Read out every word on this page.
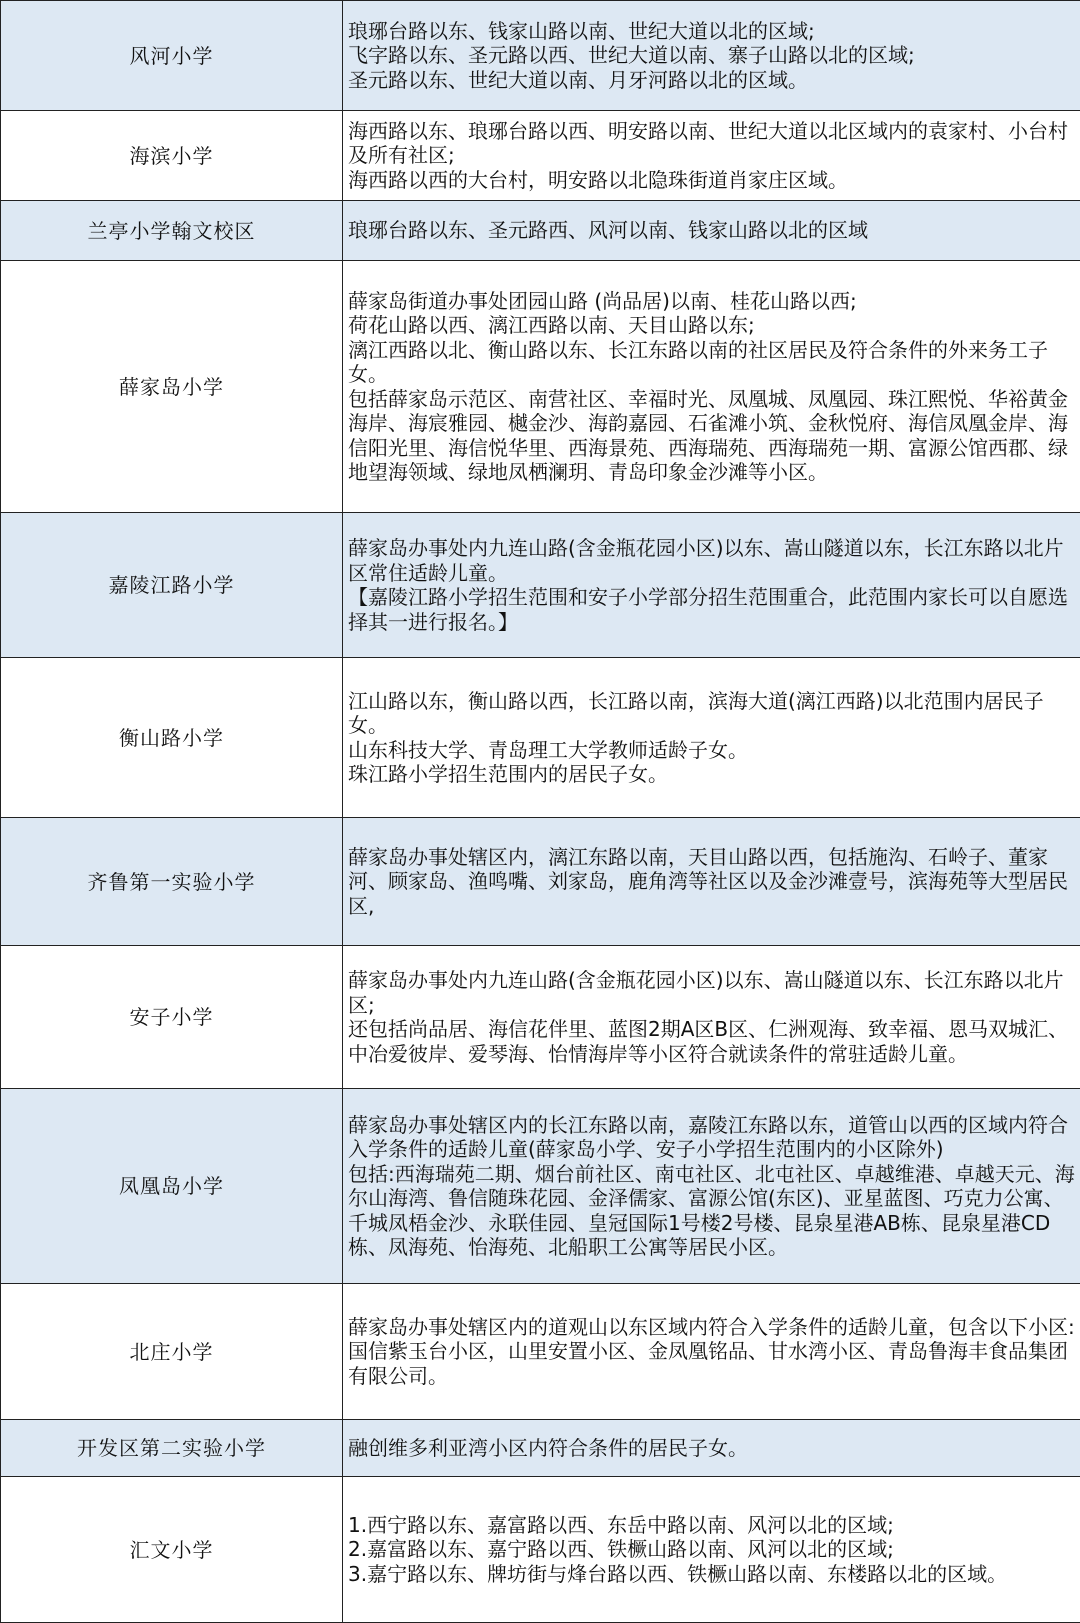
风河小学	琅琊台路以东、钱家山路以南、世纪大道以北的区域;
飞字路以东、圣元路以西、世纪大道以南、寨子山路以北的区域;
圣元路以东、世纪大道以南、月牙河路以北的区域。

海滨小学	海西路以东、琅琊台路以西、明安路以南、世纪大道以北区域内的袁家村、小台村及所有社区;
海西路以西的大台村，明安路以北隐珠街道肖家庄区域。

兰亭小学翰文校区	琅琊台路以东、圣元路西、风河以南、钱家山路以北的区域

薛家岛小学	薛家岛街道办事处团园山路 (尚品居)以南、桂花山路以西;
荷花山路以西、漓江西路以南、天目山路以东;
漓江西路以北、衡山路以东、长江东路以南的社区居民及符合条件的外来务工子女。
包括薛家岛示范区、南营社区、幸福时光、凤凰城、凤凰园、珠江熙悦、华裕黄金海岸、海宸雅园、樾金沙、海韵嘉园、石雀滩小筑、金秋悦府、海信凤凰金岸、海信阳光里、海信悦华里、西海景苑、西海瑞苑、西海瑞苑一期、富源公馆西郡、绿地望海领域、绿地凤栖澜玥、青岛印象金沙滩等小区。

嘉陵江路小学	薛家岛办事处内九连山路(含金瓶花园小区)以东、嵩山隧道以东，长江东路以北片区常住适龄儿童。
【嘉陵江路小学招生范围和安子小学部分招生范围重合，此范围内家长可以自愿选择其一进行报名。】

衡山路小学	江山路以东，衡山路以西，长江路以南，滨海大道(漓江西路)以北范围内居民子女。
山东科技大学、青岛理工大学教师适龄子女。
珠江路小学招生范围内的居民子女。

齐鲁第一实验小学	薛家岛办事处辖区内，漓江东路以南，天目山路以西，包括施沟、石岭子、董家河、顾家岛、渔鸣嘴、刘家岛，鹿角湾等社区以及金沙滩壹号，滨海苑等大型居民区,

安子小学	薛家岛办事处内九连山路(含金瓶花园小区)以东、嵩山隧道以东、长江东路以北片区;
还包括尚品居、海信花伴里、蓝图2期A区B区、仁洲观海、致幸福、恩马双城汇、中冶爱彼岸、爱琴海、怡情海岸等小区符合就读条件的常驻适龄儿童。

凤凰岛小学	薛家岛办事处辖区内的长江东路以南，嘉陵江东路以东，道管山以西的区域内符合入学条件的适龄儿童(薛家岛小学、安子小学招生范围内的小区除外)
包括:西海瑞苑二期、烟台前社区、南屯社区、北屯社区、卓越维港、卓越天元、海尔山海湾、鲁信随珠花园、金泽儒家、富源公馆(东区)、亚星蓝图、巧克力公寓、千城凤梧金沙、永联佳园、皇冠国际1号楼2号楼、昆泉星港AB栋、昆泉星港CD栋、凤海苑、怡海苑、北船职工公寓等居民小区。

北庄小学	薛家岛办事处辖区内的道观山以东区域内符合入学条件的适龄儿童，包含以下小区:国信紫玉台小区，山里安置小区、金凤凰铭品、甘水湾小区、青岛鲁海丰食品集团有限公司。

开发区第二实验小学	融创维多利亚湾小区内符合条件的居民子女。

汇文小学	1.西宁路以东、嘉富路以西、东岳中路以南、风河以北的区域;
2.嘉富路以东、嘉宁路以西、铁橛山路以南、风河以北的区域;
3.嘉宁路以东、牌坊街与烽台路以西、铁橛山路以南、东楼路以北的区域。
